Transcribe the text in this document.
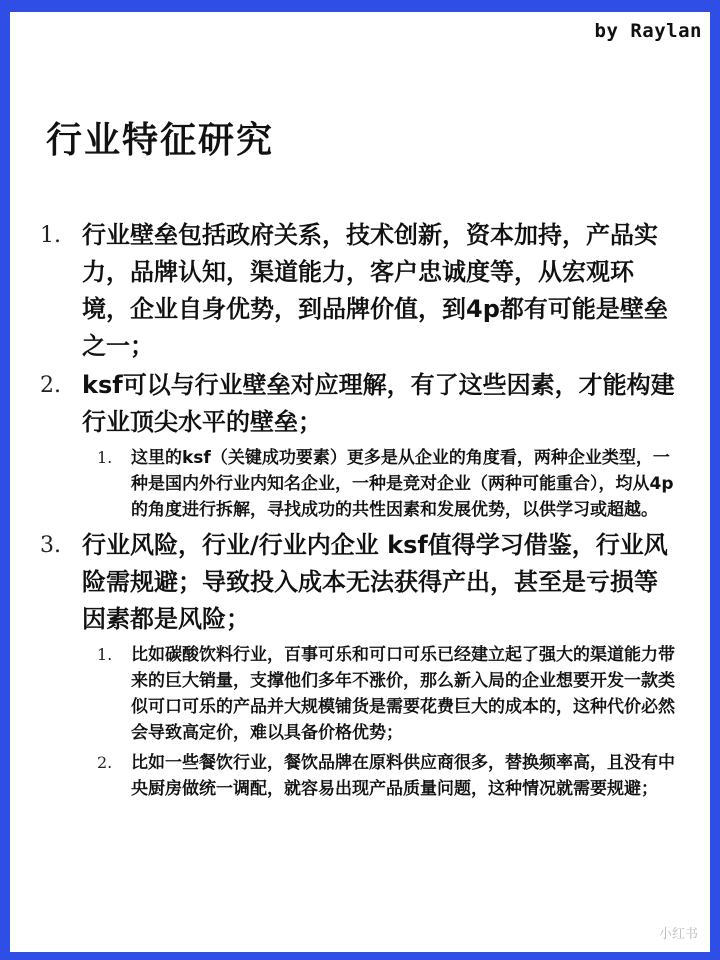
by Raylan
行业特征研究
1. 行业壁垒包括政府关系，技术创新，资本加持，产品实力，品牌认知，渠道能力，客户忠诚度等，从宏观环境，企业自身优势，到品牌价值，到4p都有可能是壁垒之一；
2. ksf可以与行业壁垒对应理解，有了这些因素，才能构建行业顶尖水平的壁垒；
1. 这里的ksf（关键成功要素）更多是从企业的角度看，两种企业类型，一种是国内外行业内知名企业，一种是竞对企业（两种可能重合），均从4p的角度进行拆解，寻找成功的共性因素和发展优势，以供学习或超越。
3. 行业风险，行业/行业内企业 ksf值得学习借鉴，行业风险需规避；导致投入成本无法获得产出，甚至是亏损等因素都是风险；
1. 比如碳酸饮料行业，百事可乐和可口可乐已经建立起了强大的渠道能力带来的巨大销量，支撑他们多年不涨价，那么新入局的企业想要开发一款类似可口可乐的产品并大规模铺货是需要花费巨大的成本的，这种代价必然会导致高定价，难以具备价格优势；
2. 比如一些餐饮行业，餐饮品牌在原料供应商很多，替换频率高，且没有中央厨房做统一调配，就容易出现产品质量问题，这种情况就需要规避；
小红书
